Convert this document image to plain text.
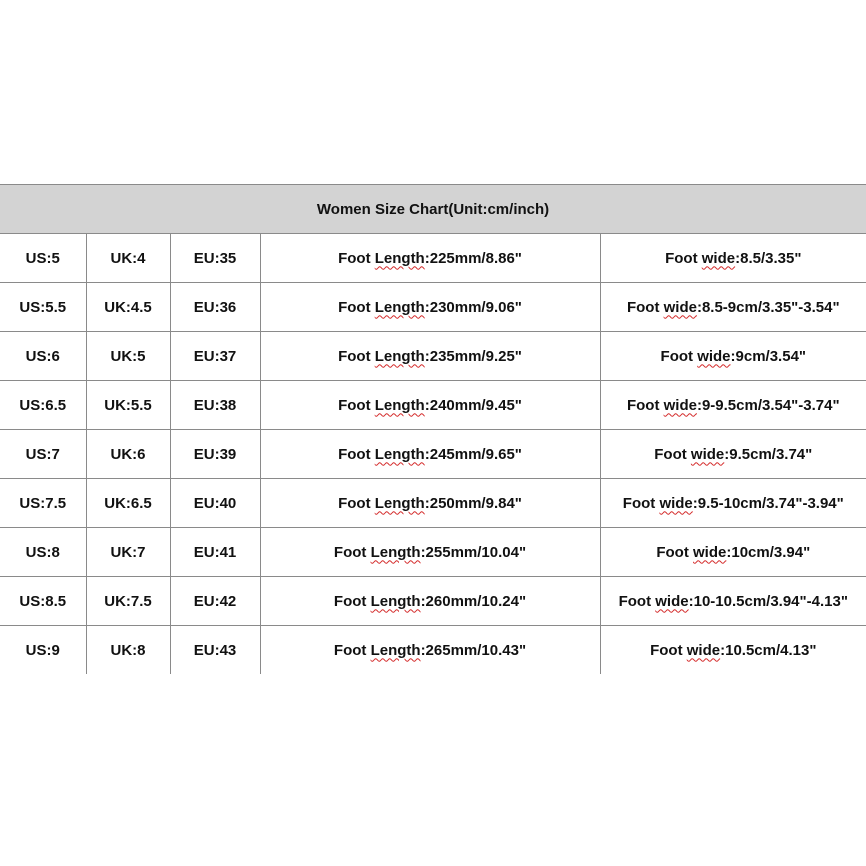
Women Size Chart(Unit:cm/inch)				
US:5	UK:4	EU:35	Foot Length:225mm/8.86"	Foot wide:8.5/3.35"
US:5.5	UK:4.5	EU:36	Foot Length:230mm/9.06"	Foot wide:8.5-9cm/3.35"-3.54"
US:6	UK:5	EU:37	Foot Length:235mm/9.25"	Foot wide:9cm/3.54"
US:6.5	UK:5.5	EU:38	Foot Length:240mm/9.45"	Foot wide:9-9.5cm/3.54"-3.74"
US:7	UK:6	EU:39	Foot Length:245mm/9.65"	Foot wide:9.5cm/3.74"
US:7.5	UK:6.5	EU:40	Foot Length:250mm/9.84"	Foot wide:9.5-10cm/3.74"-3.94"
US:8	UK:7	EU:41	Foot Length:255mm/10.04"	Foot wide:10cm/3.94"
US:8.5	UK:7.5	EU:42	Foot Length:260mm/10.24"	Foot wide:10-10.5cm/3.94"-4.13"
US:9	UK:8	EU:43	Foot Length:265mm/10.43"	Foot wide:10.5cm/4.13"
